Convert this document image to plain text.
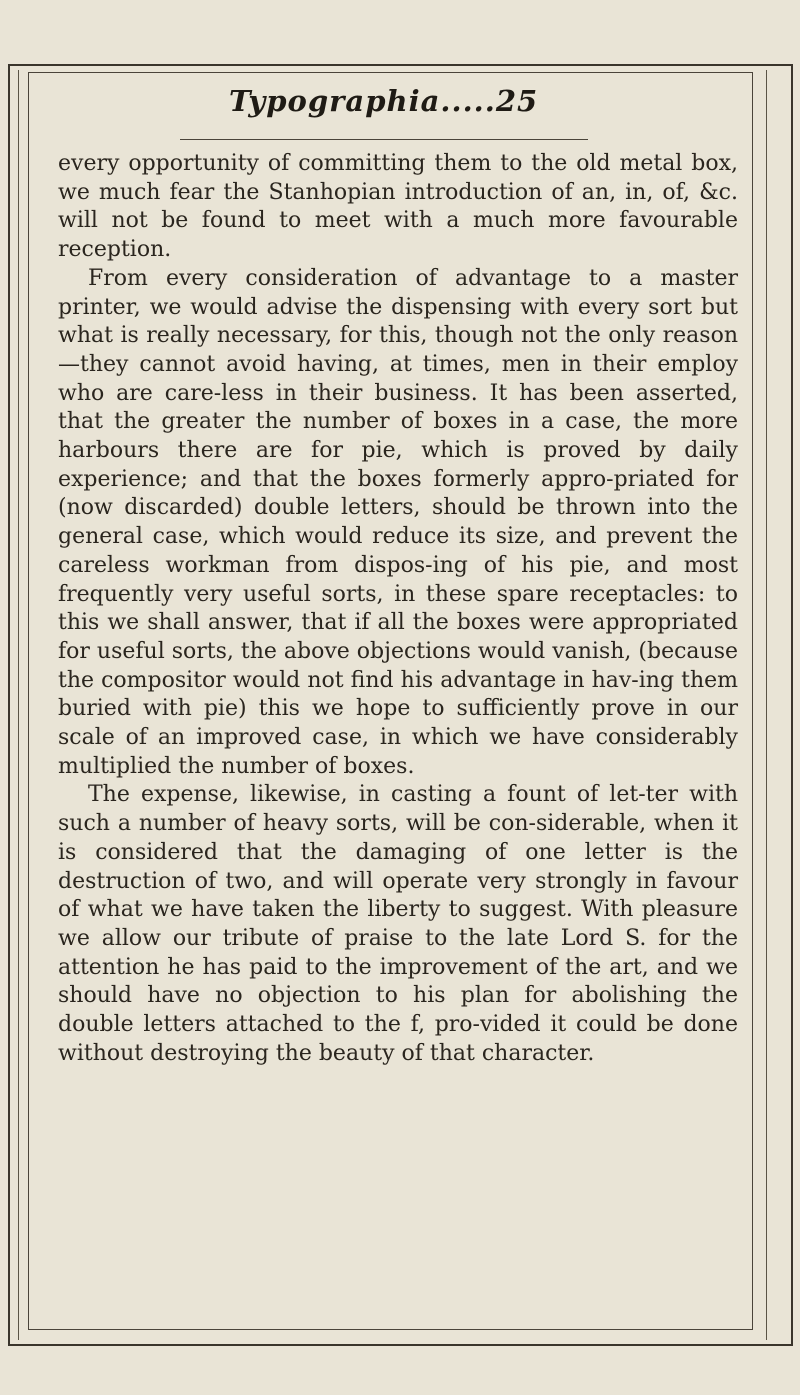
Typographia.....25

every opportunity of committing them to the old metal box, we much fear the Stanhopian introduction of an, in, of, &c. will not be found to meet with a much more favourable reception.

From every consideration of advantage to a master printer, we would advise the dispensing with every sort but what is really necessary, for this, though not the only reason—they cannot avoid having, at times, men in their employ who are care-less in their business. It has been asserted, that the greater the number of boxes in a case, the more harbours there are for pie, which is proved by daily experience; and that the boxes formerly appro-priated for (now discarded) double letters, should be thrown into the general case, which would reduce its size, and prevent the careless workman from dispos-ing of his pie, and most frequently very useful sorts, in these spare receptacles: to this we shall answer, that if all the boxes were appropriated for useful sorts, the above objections would vanish, (because the compositor would not find his advantage in hav-ing them buried with pie) this we hope to sufficiently prove in our scale of an improved case, in which we have considerably multiplied the number of boxes.

The expense, likewise, in casting a fount of let-ter with such a number of heavy sorts, will be con-siderable, when it is considered that the damaging of one letter is the destruction of two, and will operate very strongly in favour of what we have taken the liberty to suggest. With pleasure we allow our tribute of praise to the late Lord S. for the attention he has paid to the improvement of the art, and we should have no objection to his plan for abolishing the double letters attached to the f, pro-vided it could be done without destroying the beauty of that character.
